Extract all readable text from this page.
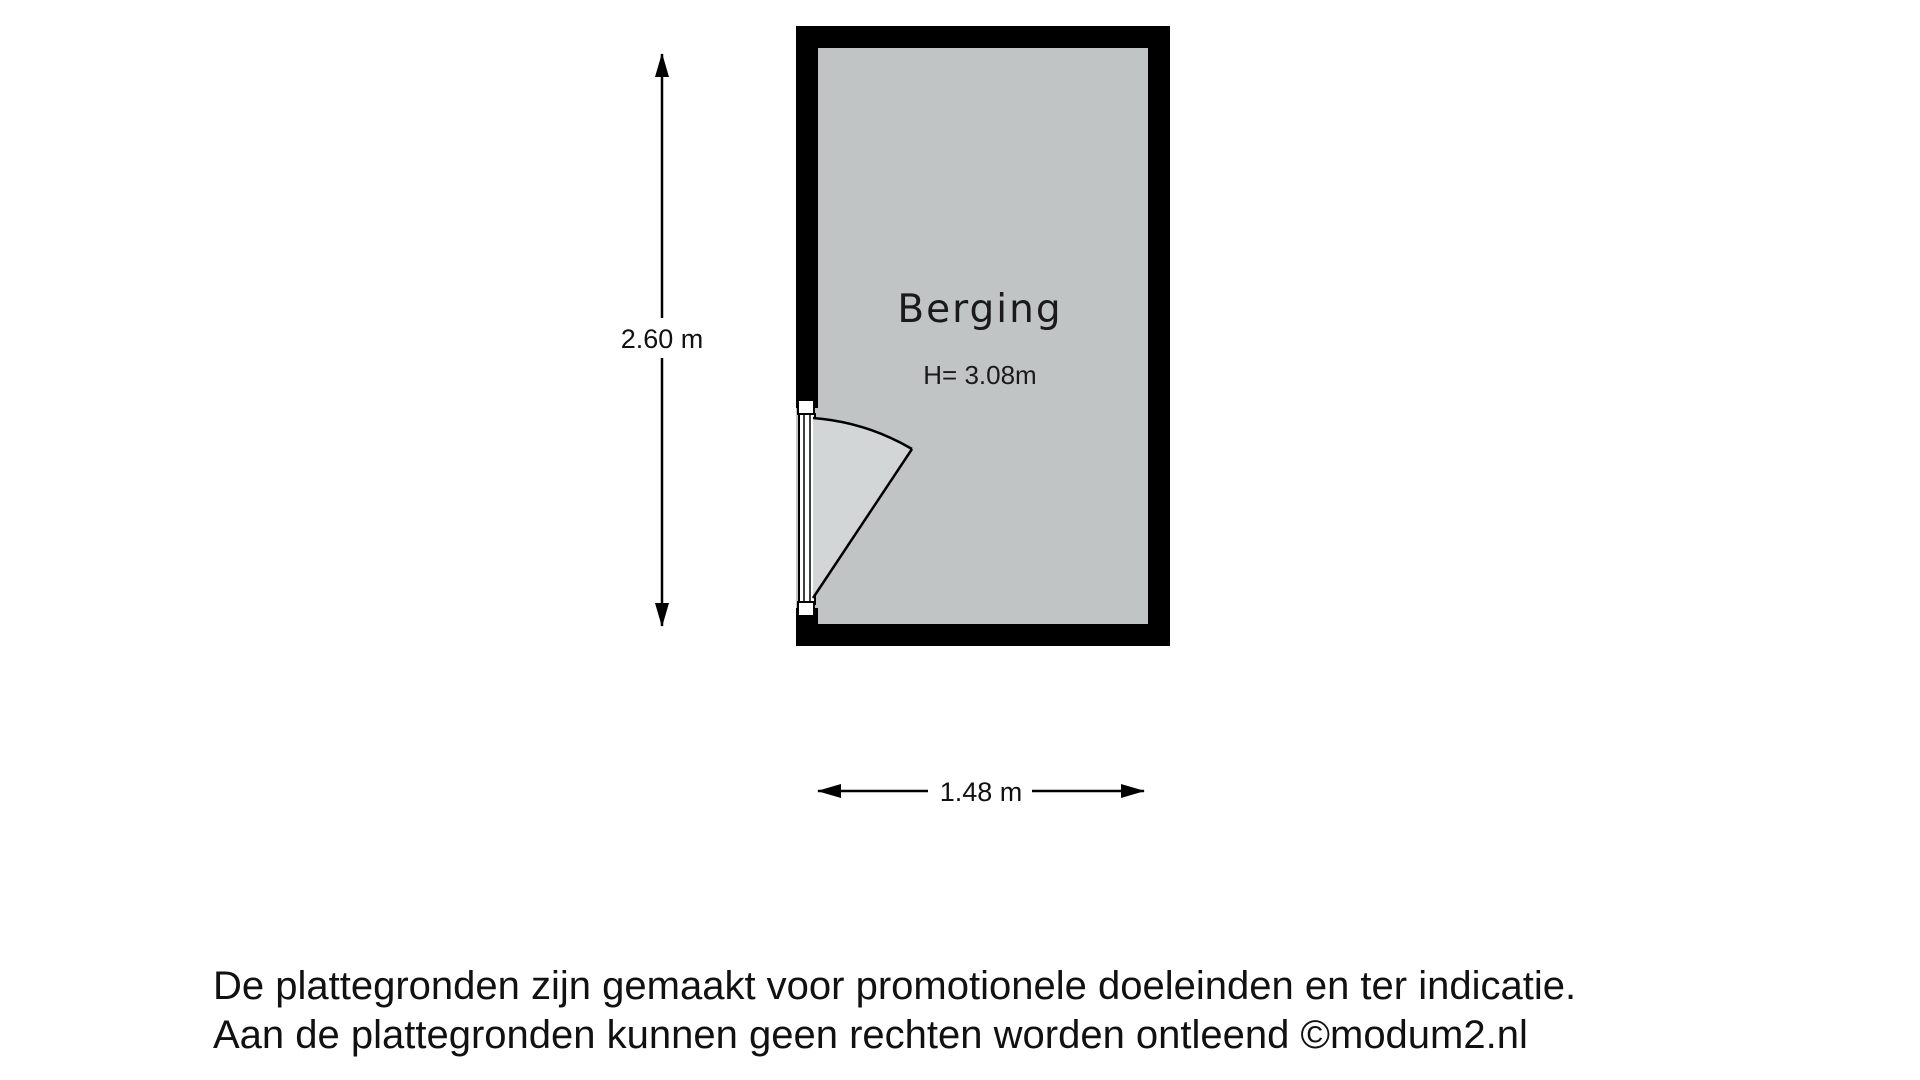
Berging
H= 3.08m
2.60 m
1.48 m
De plattegronden zijn gemaakt voor promotionele doeleinden en ter indicatie.
Aan de plattegronden kunnen geen rechten worden ontleend ©modum2.nl
